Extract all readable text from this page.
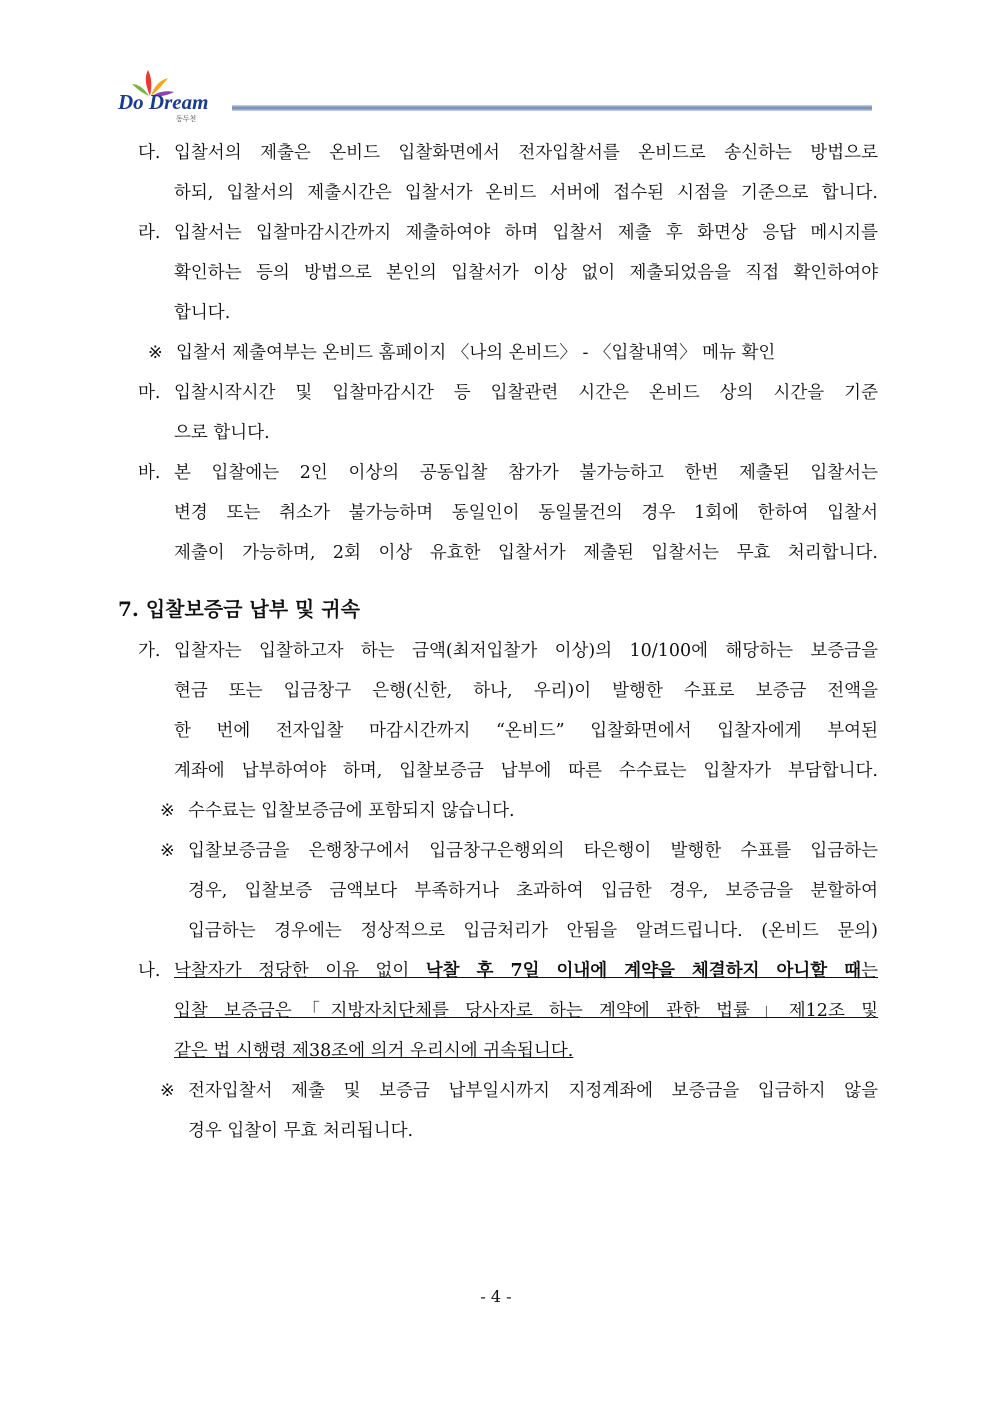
Do Dream
동두천
다. 입찰서의 제출은 온비드 입찰화면에서 전자입찰서를 온비드로 송신하는 방법으로
하되, 입찰서의 제출시간은 입찰서가 온비드 서버에 접수된 시점을 기준으로 합니다.
라. 입찰서는 입찰마감시간까지 제출하여야 하며 입찰서 제출 후 화면상 응답 메시지를
확인하는 등의 방법으로 본인의 입찰서가 이상 없이 제출되었음을 직접 확인하여야
합니다.
※ 입찰서 제출여부는 온비드 홈페이지 〈나의 온비드〉 - 〈입찰내역〉 메뉴 확인
마. 입찰시작시간 및 입찰마감시간 등 입찰관련 시간은 온비드 상의 시간을 기준
으로 합니다.
바. 본 입찰에는 2인 이상의 공동입찰 참가가 불가능하고 한번 제출된 입찰서는
변경 또는 취소가 불가능하며 동일인이 동일물건의 경우 1회에 한하여 입찰서
제출이 가능하며, 2회 이상 유효한 입찰서가 제출된 입찰서는 무효 처리합니다.
7. 입찰보증금 납부 및 귀속
가. 입찰자는 입찰하고자 하는 금액(최저입찰가 이상)의 10/100에 해당하는 보증금을
현금 또는 입금창구 은행(신한, 하나, 우리)이 발행한 수표로 보증금 전액을
한 번에 전자입찰 마감시간까지 “온비드” 입찰화면에서 입찰자에게 부여된
계좌에 납부하여야 하며, 입찰보증금 납부에 따른 수수료는 입찰자가 부담합니다.
※ 수수료는 입찰보증금에 포함되지 않습니다.
※ 입찰보증금을 은행창구에서 입금창구은행외의 타은행이 발행한 수표를 입금하는
경우, 입찰보증 금액보다 부족하거나 초과하여 입금한 경우, 보증금을 분할하여
입금하는 경우에는 정상적으로 입금처리가 안됨을 알려드립니다. (온비드 문의)
나. 낙찰자가 정당한 이유 없이 낙찰 후 7일 이내에 계약을 체결하지 아니할 때는
입찰 보증금은「지방자치단체를 당사자로 하는 계약에 관한 법률」제12조 및
같은 법 시행령 제38조에 의거 우리시에 귀속됩니다.
※ 전자입찰서 제출 및 보증금 납부일시까지 지정계좌에 보증금을 입금하지 않을
경우 입찰이 무효 처리됩니다.
- 4 -
